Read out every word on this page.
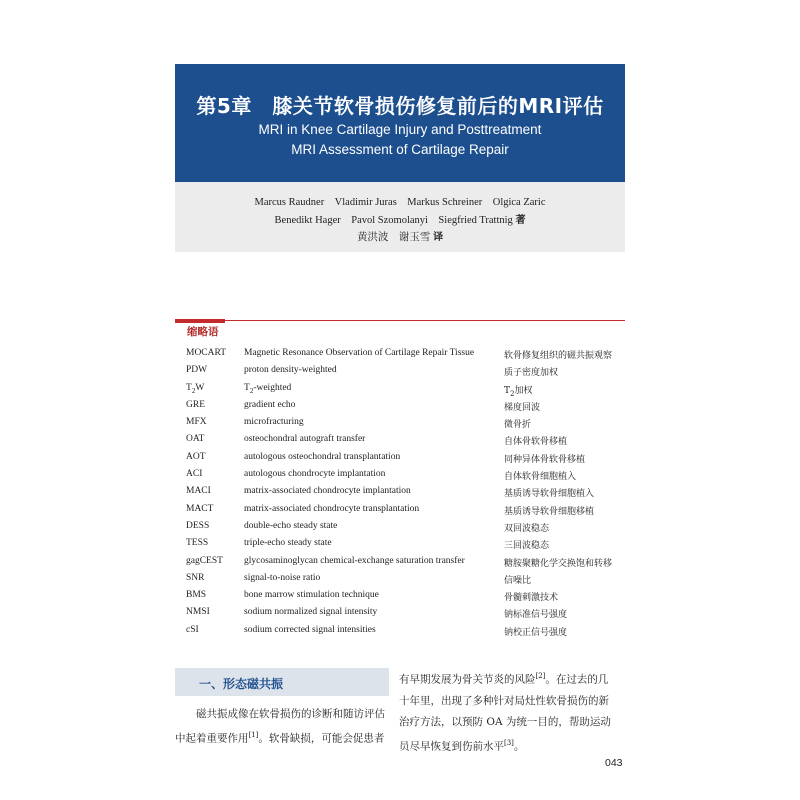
第5章　膝关节软骨损伤修复前后的MRI评估
MRI in Knee Cartilage Injury and Posttreatment
MRI Assessment of Cartilage Repair
Marcus Raudner　Vladimir Juras　Markus Schreiner　Olgica Zaric
Benedikt Hager　Pavol Szomolanyi　Siegfried Trattnig 著
黄洪波　谢玉雪 译
缩略语
MOCART Magnetic Resonance Observation of Cartilage Repair Tissue	软骨修复组织的磁共振观察
PDW	proton density-weighted	质子密度加权
$T_2W$	$T_2$-weighted	$T_2$加权
GRE	gradient echo	梯度回波
MFX	microfracturing	微骨折
OAT	osteochondral autograft transfer	自体骨软骨移植
AOT	autologous osteochondral transplantation	同种异体骨软骨移植
ACI	autologous chondrocyte implantation	自体软骨细胞植入
MACI	matrix-associated chondrocyte implantation	基质诱导软骨细胞植入
MACT	matrix-associated chondrocyte transplantation	基质诱导软骨细胞移植
DESS	double-echo steady state	双回波稳态
TESS	triple-echo steady state	三回波稳态
gagCEST glycosaminoglycan chemical-exchange saturation transfer	糖胺聚糖化学交换饱和转移
SNR	signal-to-noise ratio	信噪比
BMS	bone marrow stimulation technique	骨髓刺激技术
NMSI	sodium normalized signal intensity	钠标准信号强度
cSI	sodium corrected signal intensities	钠校正信号强度
一、形态磁共振
磁共振成像在软骨损伤的诊断和随访评估
中起着重要作用[1]。软骨缺损，可能会促患者
有早期发展为骨关节炎的风险[2]。在过去的几
十年里，出现了多种针对局灶性软骨损伤的新
治疗方法，以预防 OA 为统一目的，帮助运动
员尽早恢复到伤前水平[3]。
043
